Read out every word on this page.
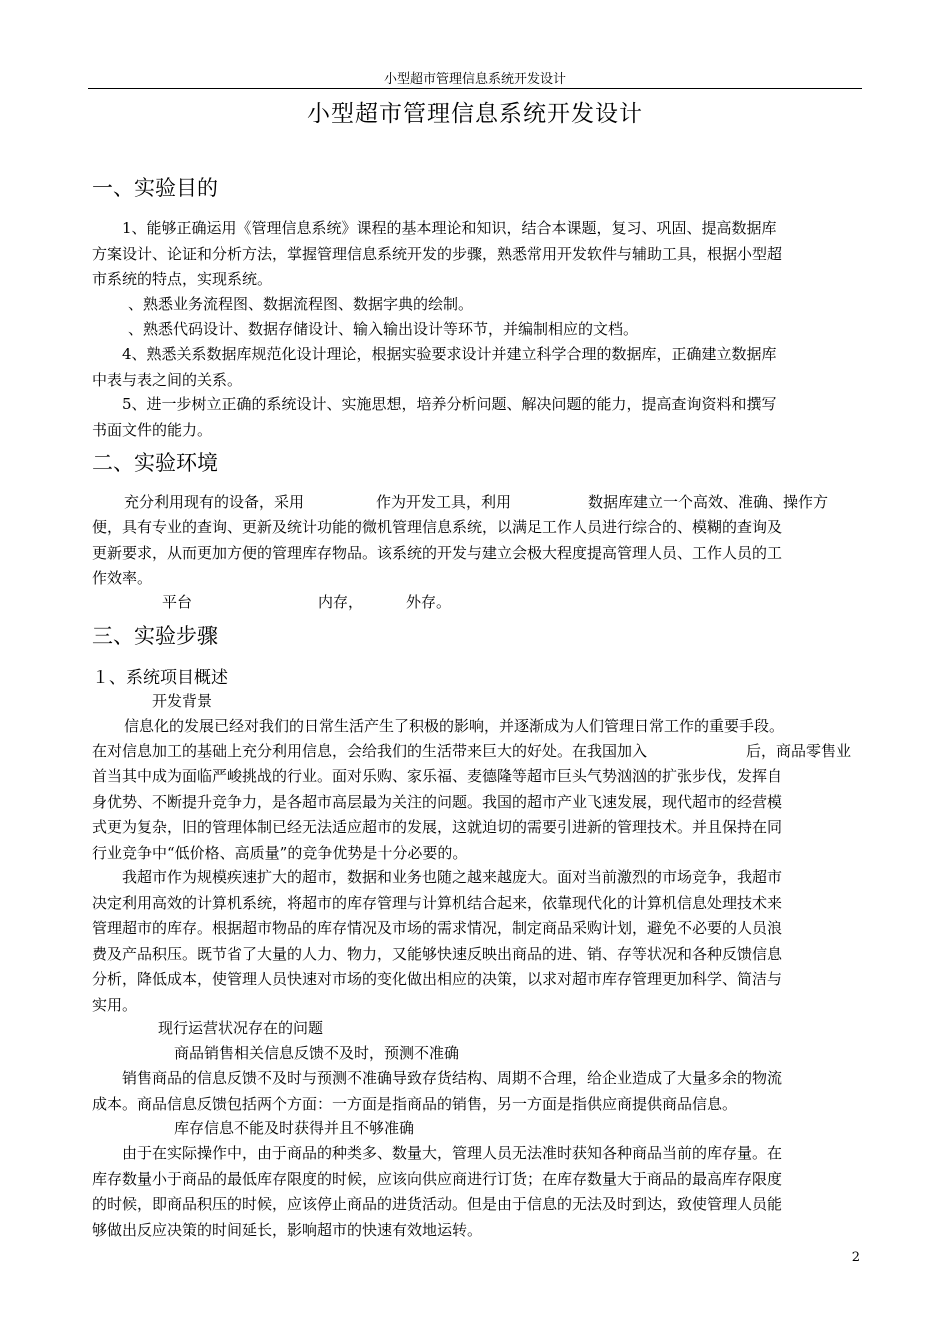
小型超市管理信息系统开发设计
小型超市管理信息系统开发设计
一、实验目的
1、能够正确运用《管理信息系统》课程的基本理论和知识，结合本课题，复习、巩固、提高数据库
方案设计、论证和分析方法，掌握管理信息系统开发的步骤，熟悉常用开发软件与辅助工具，根据小型超
市系统的特点，实现系统。
、熟悉业务流程图、数据流程图、数据字典的绘制。
、熟悉代码设计、数据存储设计、输入输出设计等环节，并编制相应的文档。
4、熟悉关系数据库规范化设计理论，根据实验要求设计并建立科学合理的数据库，正确建立数据库
中表与表之间的关系。
5、进一步树立正确的系统设计、实施思想，培养分析问题、解决问题的能力，提高查询资料和撰写
书面文件的能力。
二、实验环境
充分利用现有的设备，采用	作为开发工具，利用	数据库建立一个高效、准确、操作方
便，具有专业的查询、更新及统计功能的微机管理信息系统，以满足工作人员进行综合的、模糊的查询及
更新要求，从而更加方便的管理库存物品。该系统的开发与建立会极大程度提高管理人员、工作人员的工
作效率。
平台	内存，	外存。
三、实验步骤
１、系统项目概述
开发背景
信息化的发展已经对我们的日常生活产生了积极的影响，并逐渐成为人们管理日常工作的重要手段。
在对信息加工的基础上充分利用信息，会给我们的生活带来巨大的好处。在我国加入	后，商品零售业
首当其中成为面临严峻挑战的行业。面对乐购、家乐福、麦德隆等超市巨头气势汹汹的扩张步伐，发挥自
身优势、不断提升竞争力，是各超市高层最为关注的问题。我国的超市产业飞速发展，现代超市的经营模
式更为复杂，旧的管理体制已经无法适应超市的发展，这就迫切的需要引进新的管理技术。并且保持在同
行业竞争中“低价格、高质量”的竞争优势是十分必要的。
我超市作为规模疾速扩大的超市，数据和业务也随之越来越庞大。面对当前激烈的市场竞争，我超市
决定利用高效的计算机系统，将超市的库存管理与计算机结合起来，依靠现代化的计算机信息处理技术来
管理超市的库存。根据超市物品的库存情况及市场的需求情况，制定商品采购计划，避免不必要的人员浪
费及产品积压。既节省了大量的人力、物力，又能够快速反映出商品的进、销、存等状况和各种反馈信息
分析，降低成本，使管理人员快速对市场的变化做出相应的决策，以求对超市库存管理更加科学、简洁与
实用。
现行运营状况存在的问题
商品销售相关信息反馈不及时，预测不准确
销售商品的信息反馈不及时与预测不准确导致存货结构、周期不合理，给企业造成了大量多余的物流
成本。商品信息反馈包括两个方面：一方面是指商品的销售，另一方面是指供应商提供商品信息。
库存信息不能及时获得并且不够准确
由于在实际操作中，由于商品的种类多、数量大，管理人员无法准时获知各种商品当前的库存量。在
库存数量小于商品的最低库存限度的时候，应该向供应商进行订货；在库存数量大于商品的最高库存限度
的时候，即商品积压的时候，应该停止商品的进货活动。但是由于信息的无法及时到达，致使管理人员能
够做出反应决策的时间延长，影响超市的快速有效地运转。
2
